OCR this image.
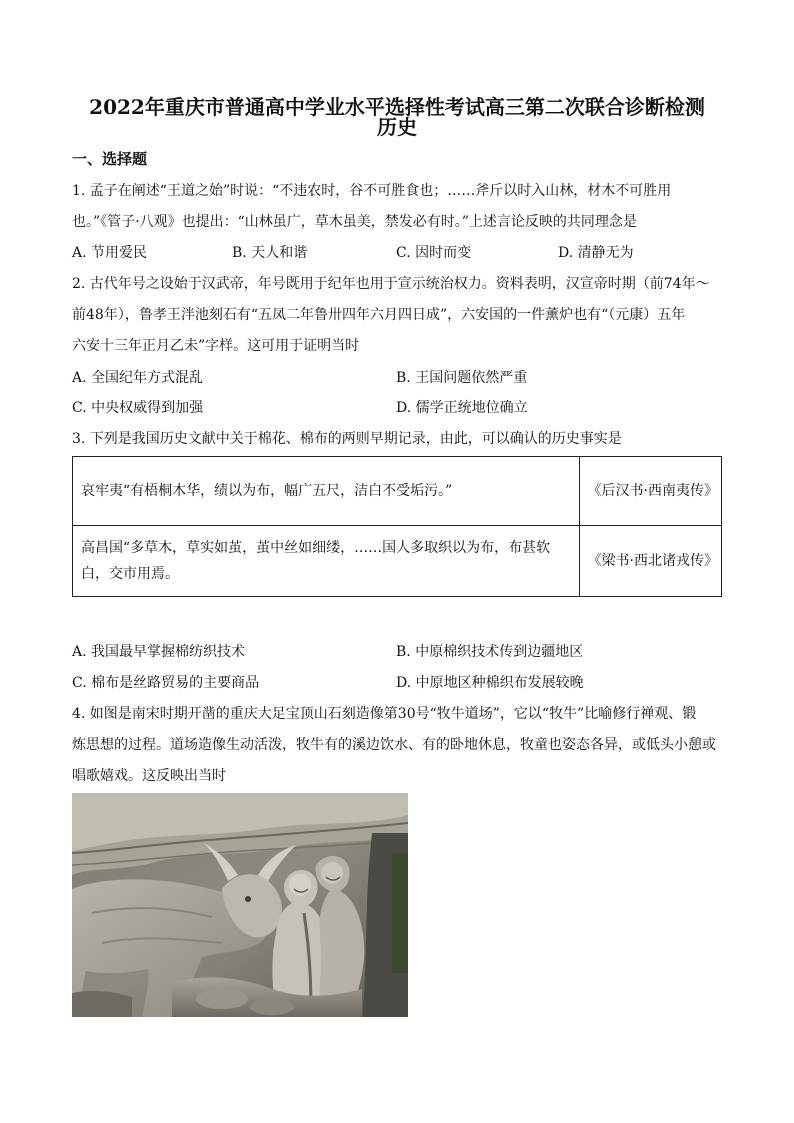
2022年重庆市普通高中学业水平选择性考试高三第二次联合诊断检测
历史
一、选择题
1. 孟子在阐述“王道之始”时说：“不违农时，谷不可胜食也；……斧斤以时入山林，材木不可胜用
也。”《管子·八观》也提出：“山林虽广，草木虽美，禁发必有时。”上述言论反映的共同理念是
A. 节用爱民	B. 天人和谐	C. 因时而变	D. 清静无为
2. 古代年号之设始于汉武帝，年号既用于纪年也用于宣示统治权力。资料表明，汉宣帝时期（前74年～
前48年），鲁孝王泮池刻石有“五凤二年鲁卅四年六月四日成”，六安国的一件薰炉也有“（元康）五年
六安十三年正月乙未”字样。这可用于证明当时
A. 全国纪年方式混乱	B. 王国问题依然严重
C. 中央权威得到加强	D. 儒学正统地位确立
3. 下列是我国历史文献中关于棉花、棉布的两则早期记录，由此，可以确认的历史事实是
哀牢夷“有梧桐木华，绩以为布，幅广五尺，洁白不受垢污。”	《后汉书·西南夷传》
高昌国“多草木，草实如茧，茧中丝如细缕，……国人多取织以为布，布甚软白，交市用焉。	《梁书·西北诸戎传》
A. 我国最早掌握棉纺织技术	B. 中原棉织技术传到边疆地区
C. 棉布是丝路贸易的主要商品	D. 中原地区种棉织布发展较晚
4. 如图是南宋时期开凿的重庆大足宝顶山石刻造像第30号“牧牛道场”，它以“牧牛”比喻修行禅观、锻
炼思想的过程。道场造像生动活泼，牧牛有的溪边饮水、有的卧地休息，牧童也姿态各异，或低头小憩或
唱歌嬉戏。这反映出当时
